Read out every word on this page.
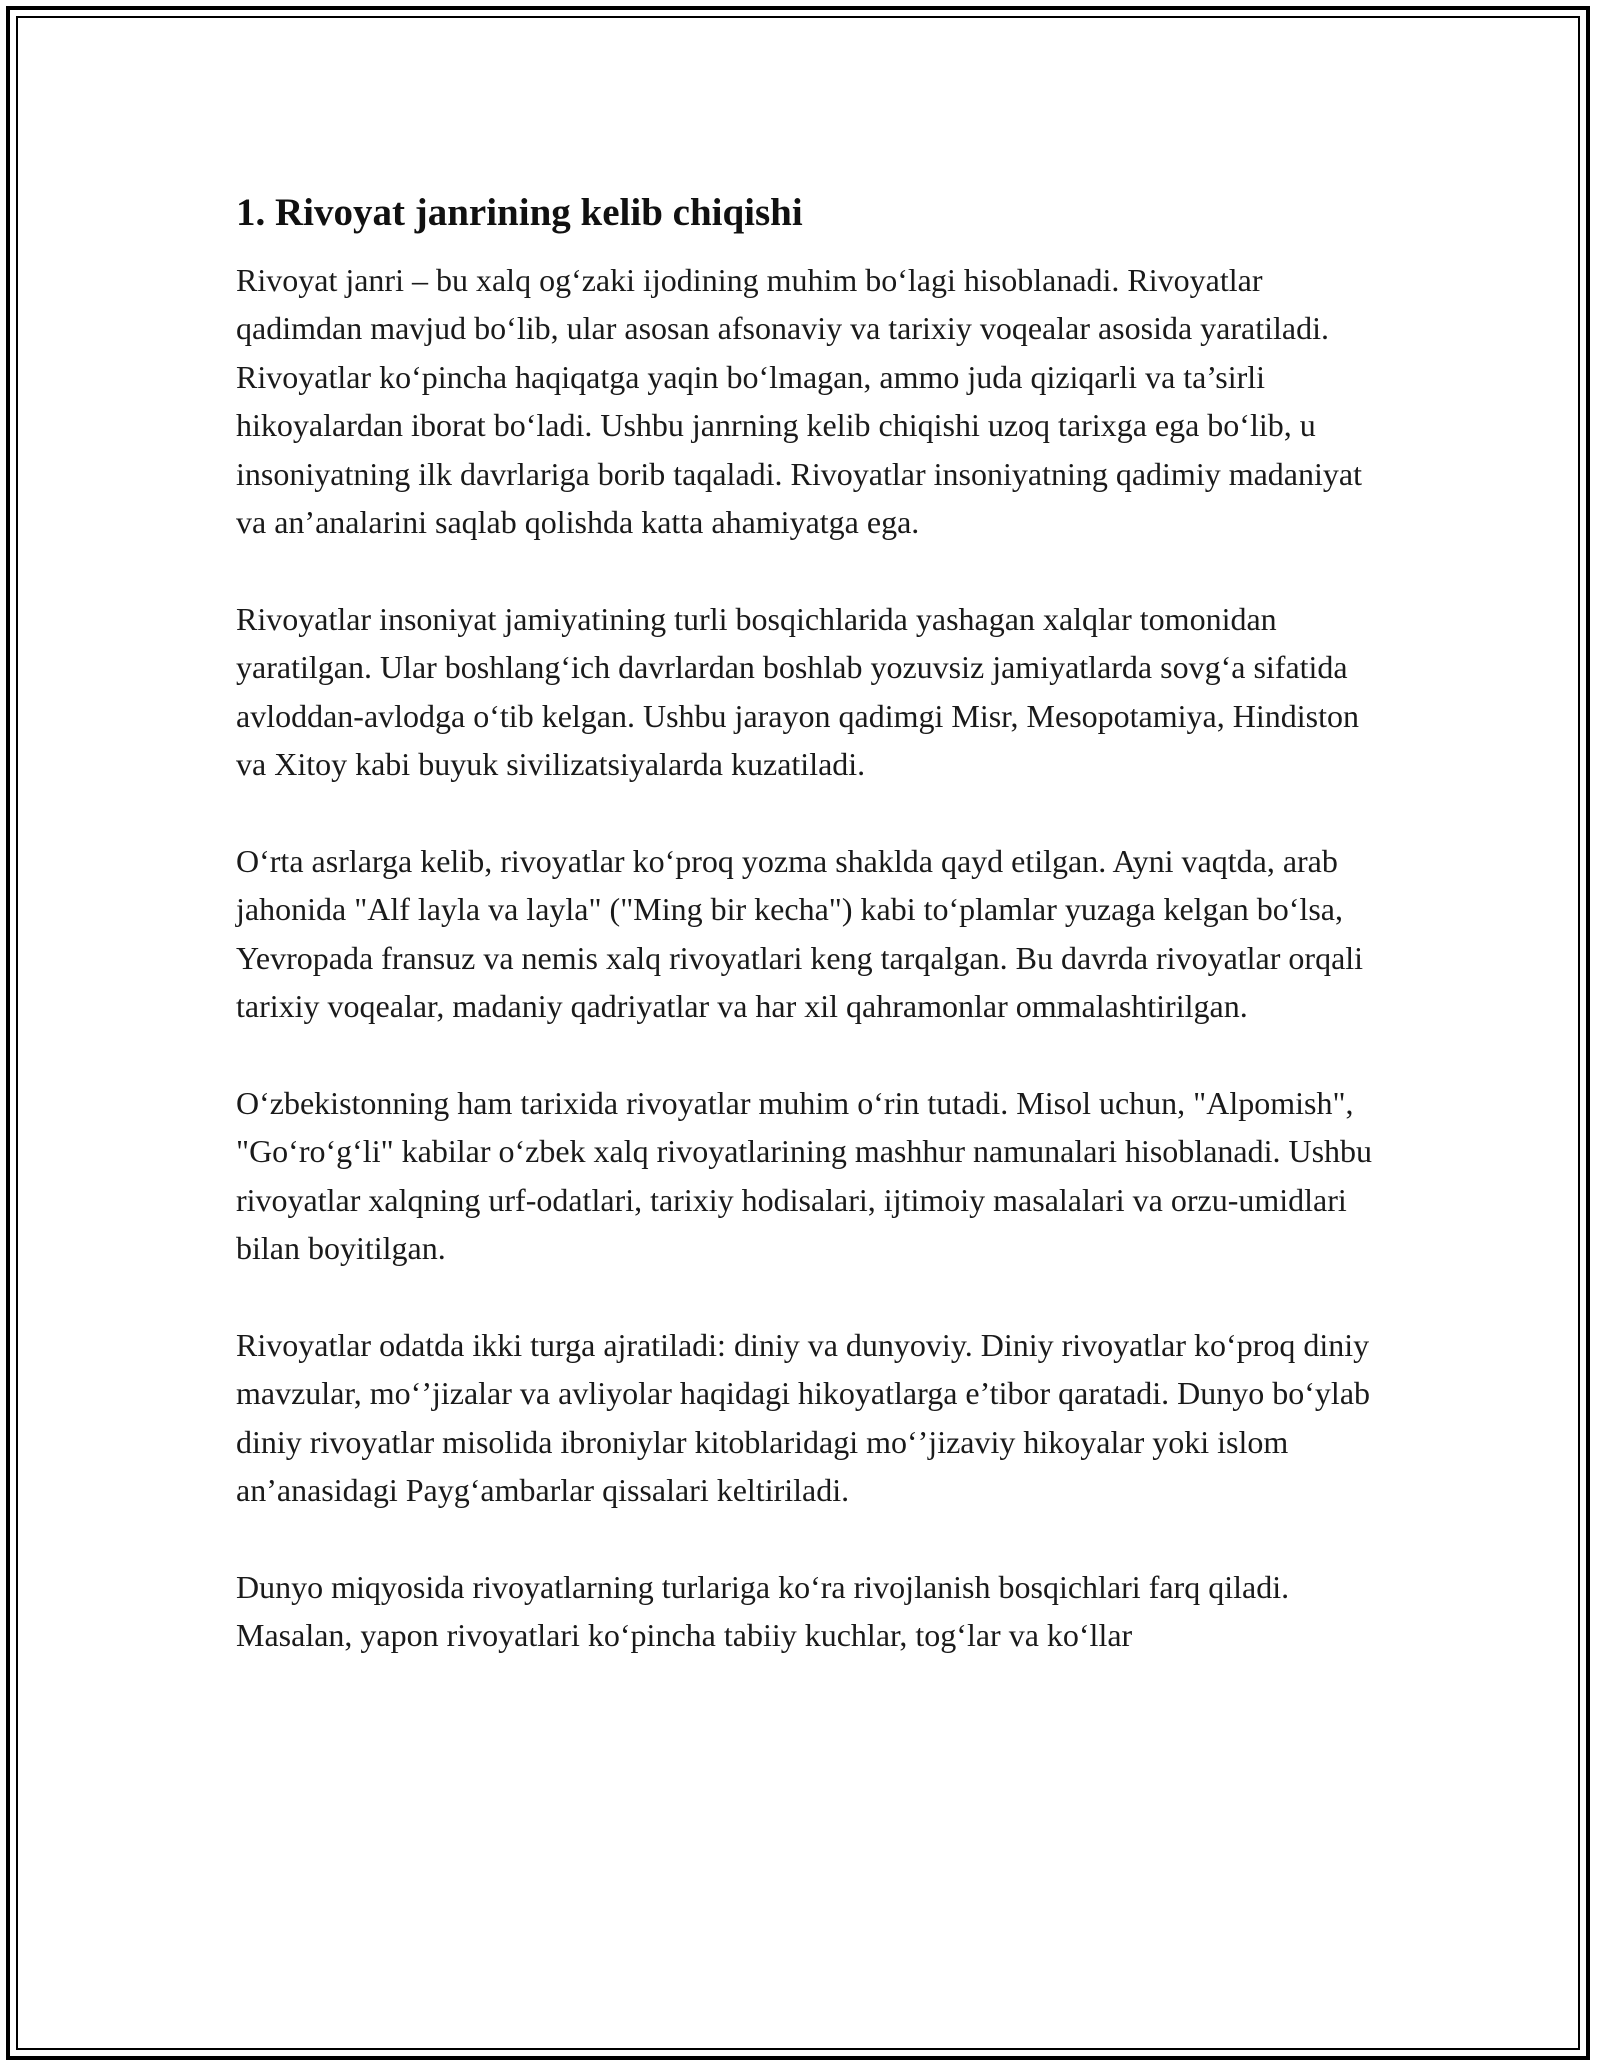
1. Rivoyat janrining kelib chiqishi

Rivoyat janri – bu xalq og‘zaki ijodining muhim bo‘lagi hisoblanadi. Rivoyatlar qadimdan mavjud bo‘lib, ular asosan afsonaviy va tarixiy voqealar asosida yaratiladi. Rivoyatlar ko‘pincha haqiqatga yaqin bo‘lmagan, ammo juda qiziqarli va ta’sirli hikoyalardan iborat bo‘ladi. Ushbu janrning kelib chiqishi uzoq tarixga ega bo‘lib, u insoniyatning ilk davrlariga borib taqaladi. Rivoyatlar insoniyatning qadimiy madaniyat va an’analarini saqlab qolishda katta ahamiyatga ega.

Rivoyatlar insoniyat jamiyatining turli bosqichlarida yashagan xalqlar tomonidan yaratilgan. Ular boshlang‘ich davrlardan boshlab yozuvsiz jamiyatlarda sovg‘a sifatida avloddan-avlodga o‘tib kelgan. Ushbu jarayon qadimgi Misr, Mesopotamiya, Hindiston va Xitoy kabi buyuk sivilizatsiyalarda kuzatiladi.

O‘rta asrlarga kelib, rivoyatlar ko‘proq yozma shaklda qayd etilgan. Ayni vaqtda, arab jahonida "Alf layla va layla" ("Ming bir kecha") kabi to‘plamlar yuzaga kelgan bo‘lsa, Yevropada fransuz va nemis xalq rivoyatlari keng tarqalgan. Bu davrda rivoyatlar orqali tarixiy voqealar, madaniy qadriyatlar va har xil qahramonlar ommalashtirilgan.

O‘zbekistonning ham tarixida rivoyatlar muhim o‘rin tutadi. Misol uchun, "Alpomish", "Go‘ro‘g‘li" kabilar o‘zbek xalq rivoyatlarining mashhur namunalari hisoblanadi. Ushbu rivoyatlar xalqning urf-odatlari, tarixiy hodisalari, ijtimoiy masalalari va orzu-umidlari bilan boyitilgan.

Rivoyatlar odatda ikki turga ajratiladi: diniy va dunyoviy. Diniy rivoyatlar ko‘proq diniy mavzular, mo‘’jizalar va avliyolar haqidagi hikoyatlarga e’tibor qaratadi. Dunyo bo‘ylab diniy rivoyatlar misolida ibroniylar kitoblaridagi mo‘’jizaviy hikoyalar yoki islom an’anasidagi Payg‘ambarlar qissalari keltiriladi.

Dunyo miqyosida rivoyatlarning turlariga ko‘ra rivojlanish bosqichlari farq qiladi. Masalan, yapon rivoyatlari ko‘pincha tabiiy kuchlar, tog‘lar va ko‘llar
